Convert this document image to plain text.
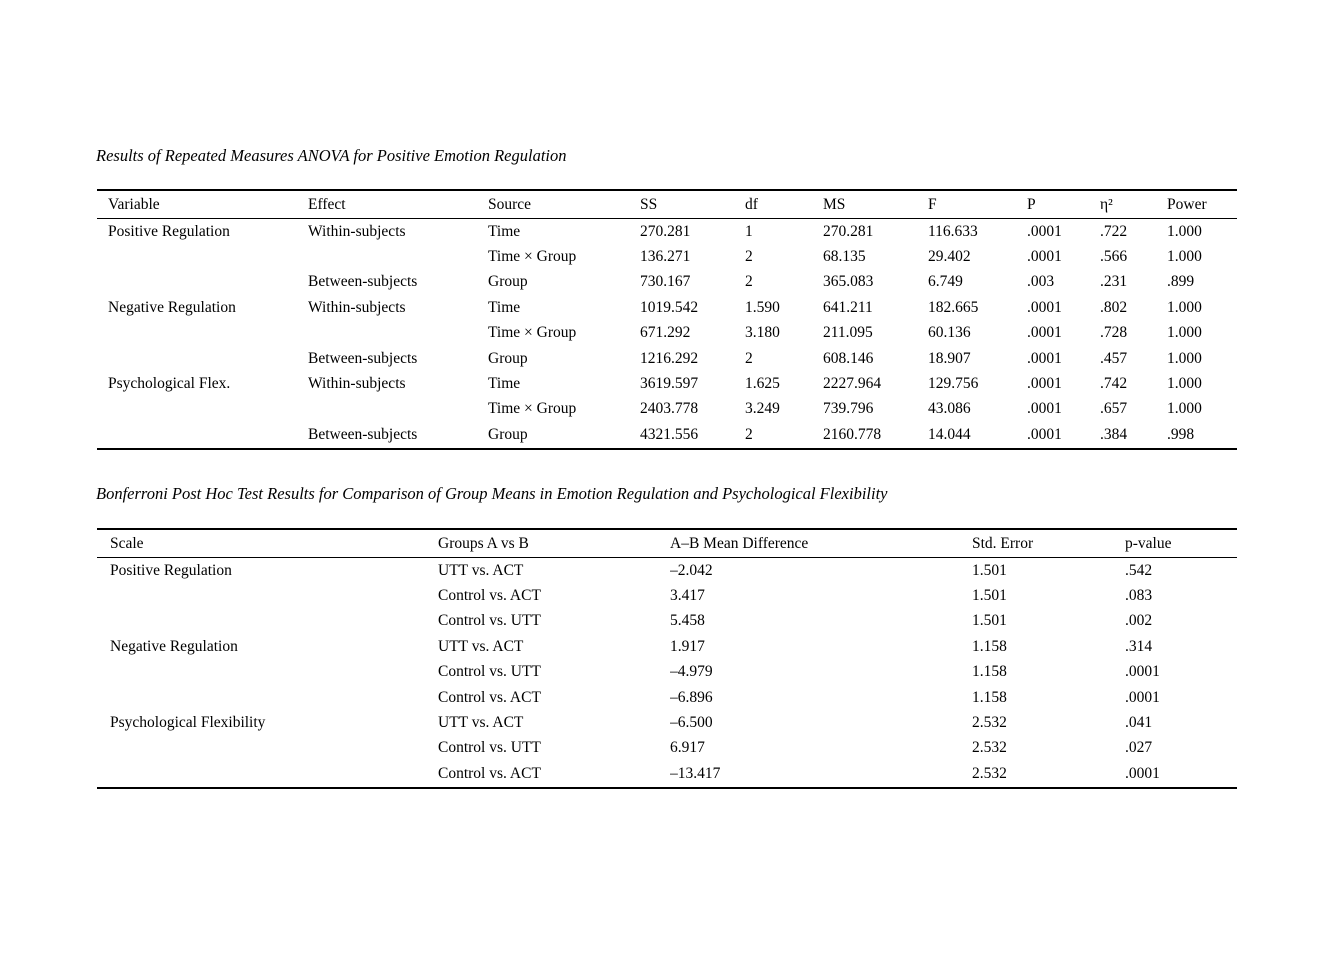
Results of Repeated Measures ANOVA for Positive Emotion Regulation
Variable	Effect	Source	SS	df	MS	F	P	η²	Power
Positive Regulation	Within-subjects	Time	270.281	1	270.281	116.633	.0001	.722	1.000
		Time × Group	136.271	2	68.135	29.402	.0001	.566	1.000
	Between-subjects	Group	730.167	2	365.083	6.749	.003	.231	.899
Negative Regulation	Within-subjects	Time	1019.542	1.590	641.211	182.665	.0001	.802	1.000
		Time × Group	671.292	3.180	211.095	60.136	.0001	.728	1.000
	Between-subjects	Group	1216.292	2	608.146	18.907	.0001	.457	1.000
Psychological Flex.	Within-subjects	Time	3619.597	1.625	2227.964	129.756	.0001	.742	1.000
		Time × Group	2403.778	3.249	739.796	43.086	.0001	.657	1.000
	Between-subjects	Group	4321.556	2	2160.778	14.044	.0001	.384	.998
Bonferroni Post Hoc Test Results for Comparison of Group Means in Emotion Regulation and Psychological Flexibility
Scale	Groups A vs B	A–B Mean Difference	Std. Error	p-value
Positive Regulation	UTT vs. ACT	–2.042	1.501	.542
	Control vs. ACT	3.417	1.501	.083
	Control vs. UTT	5.458	1.501	.002
Negative Regulation	UTT vs. ACT	1.917	1.158	.314
	Control vs. UTT	–4.979	1.158	.0001
	Control vs. ACT	–6.896	1.158	.0001
Psychological Flexibility	UTT vs. ACT	–6.500	2.532	.041
	Control vs. UTT	6.917	2.532	.027
	Control vs. ACT	–13.417	2.532	.0001
